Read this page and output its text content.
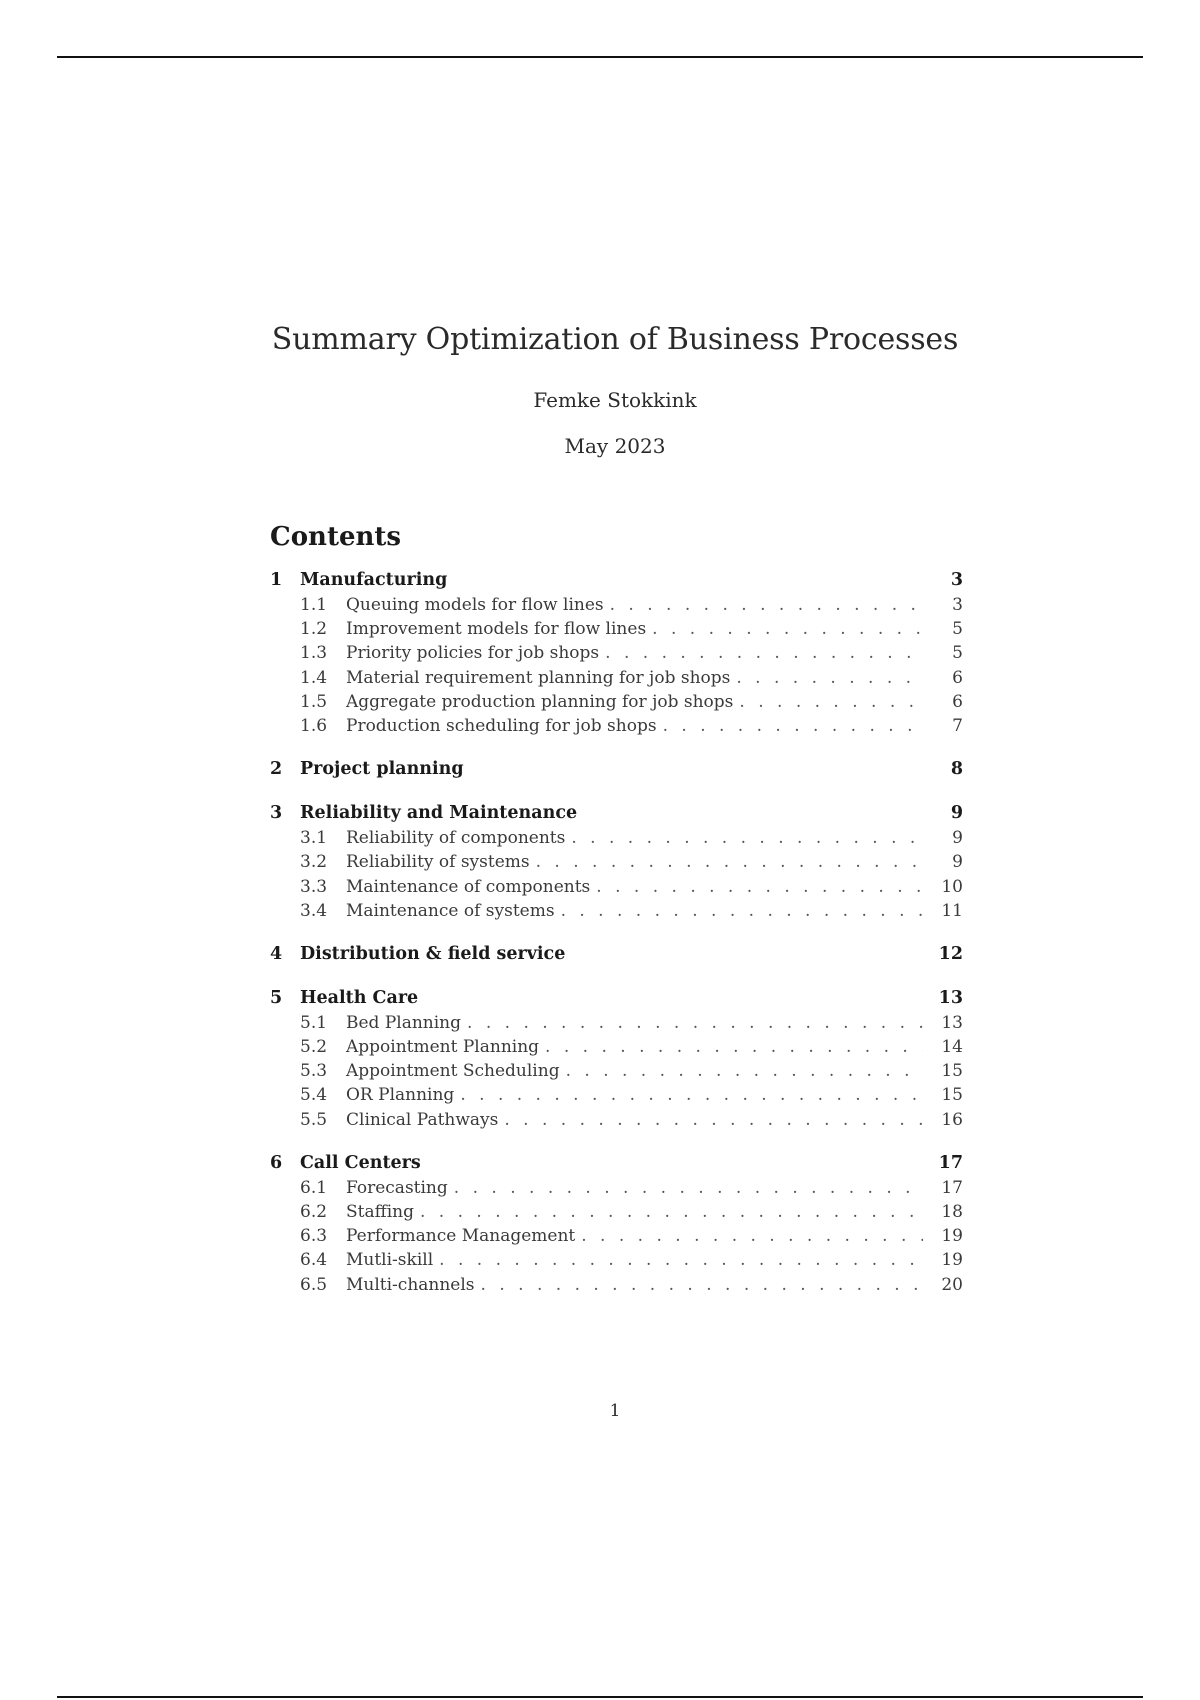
Summary Optimization of Business Processes
Femke Stokkink
May 2023
Contents
1	Manufacturing	3
1.1	Queuing models for flow lines . . .	3
1.2	Improvement models for flow lines . . .	5
1.3	Priority policies for job shops . . .	5
1.4	Material requirement planning for job shops . . .	6
1.5	Aggregate production planning for job shops . . .	6
1.6	Production scheduling for job shops . . .	7
2	Project planning	8
3	Reliability and Maintenance	9
3.1	Reliability of components . . .	9
3.2	Reliability of systems . . .	9
3.3	Maintenance of components . . .	10
3.4	Maintenance of systems . . .	11
4	Distribution & field service	12
5	Health Care	13
5.1	Bed Planning . . .	13
5.2	Appointment Planning . . .	14
5.3	Appointment Scheduling . . .	15
5.4	OR Planning . . .	15
5.5	Clinical Pathways . . .	16
6	Call Centers	17
6.1	Forecasting . . .	17
6.2	Staffing . . .	18
6.3	Performance Management . . .	19
6.4	Mutli-skill . . .	19
6.5	Multi-channels . . .	20
1
